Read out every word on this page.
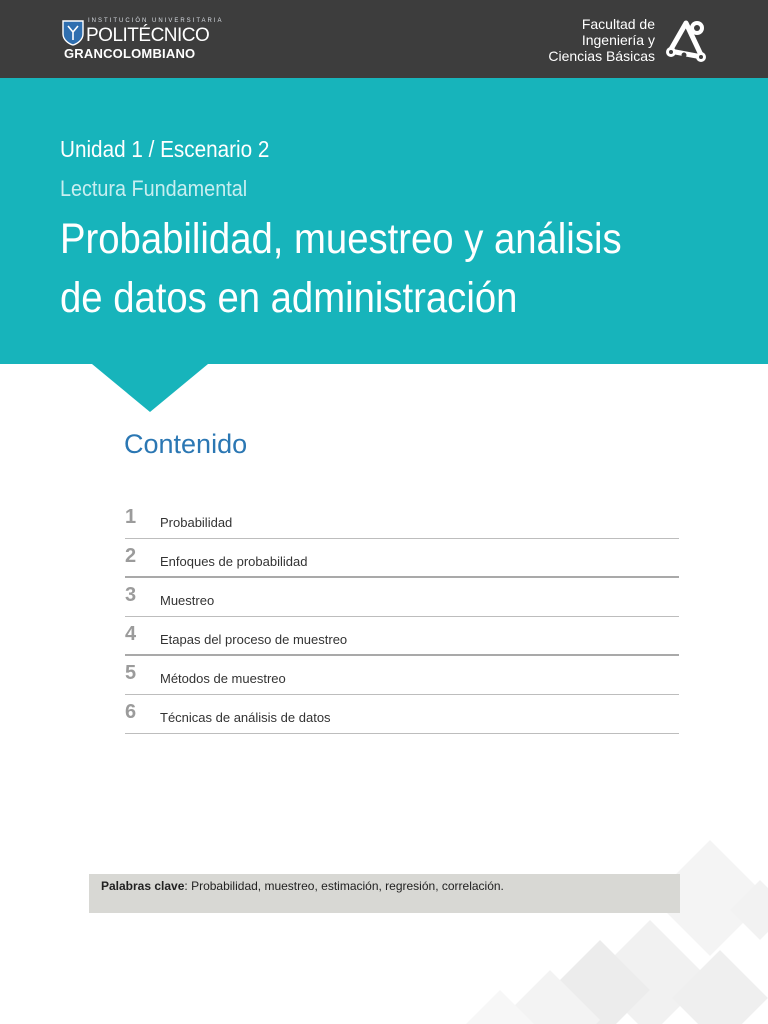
INSTITUCIÓN UNIVERSITARIA
POLITÉCNICO
GRANCOLOMBIANO
Facultad de
Ingeniería y
Ciencias Básicas
Unidad 1 / Escenario 2
Lectura Fundamental
Probabilidad, muestreo y análisis de datos en administración
Contenido
1 Probabilidad
2 Enfoques de probabilidad
3 Muestreo
4 Etapas del proceso de muestreo
5 Métodos de muestreo
6 Técnicas de análisis de datos
Palabras clave: Probabilidad, muestreo, estimación, regresión, correlación.
